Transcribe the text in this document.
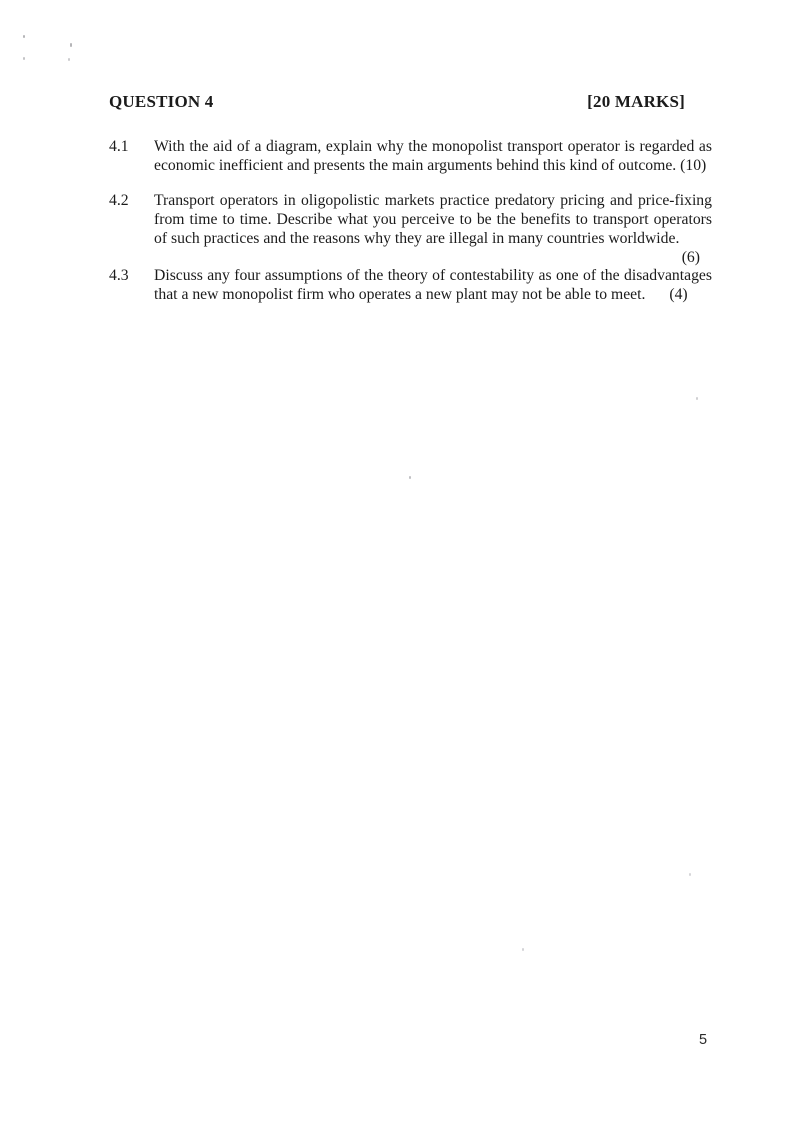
QUESTION 4	[20 MARKS]
4.1	With the aid of a diagram, explain why the monopolist transport operator is regarded as economic inefficient and presents the main arguments behind this kind of outcome. (10)
4.2	Transport operators in oligopolistic markets practice predatory pricing and price-fixing from time to time. Describe what you perceive to be the benefits to transport operators of such practices and the reasons why they are illegal in many countries worldwide.
(6)
4.3	Discuss any four assumptions of the theory of contestability as one of the disadvantages that a new monopolist firm who operates a new plant may not be able to meet. (4)
5
